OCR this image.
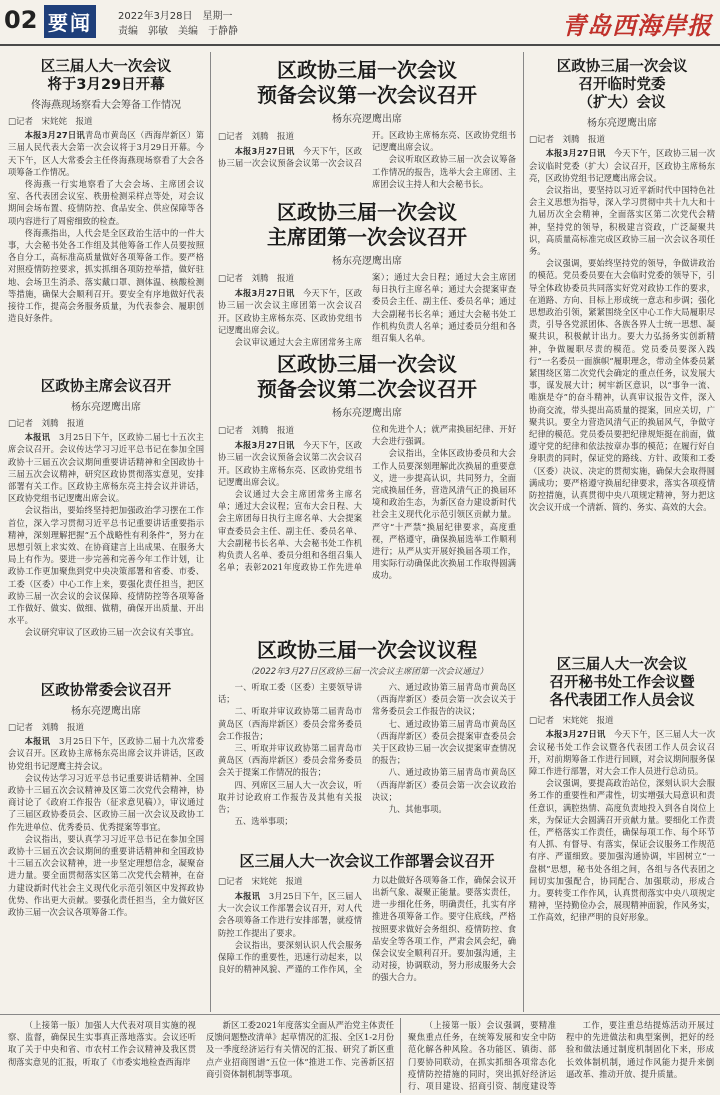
02 要闻	2022年3月28日　星期一
责编　郭敏　美编　于静静	青岛西海岸报

区三届人大一次会议

将于3月29日开幕

佟海燕现场察看大会筹备工作情况

□记者　宋姹姹　报道

本报3月27日讯青岛市黄岛区（西海岸新区）第三届人民代表大会第一次会议将于3月29日开幕。今天下午，区人大常委会主任佟海燕现场察看了大会各项筹备工作情况。

佟海燕一行实地察看了大会会场、主席团会议室、各代表团会议室、秩册检测采样点等处，对会议期间会场布置、疫情防控、食品安全、供应保障等各项内容进行了周密细致的检查。

佟海燕指出，人代会是全区政治生活中的一件大事，大会秘书处各工作组及其他筹备工作人员要按照各自分工，高标准高质量做好各项筹备工作。要严格对照疫情防控要求，抓实抓细各项防控举措，做好驻地、会场卫生消杀、落实戴口罩、测体温、核酸检测等措施，确保大会顺利召开。要安全有序地做好代表接待工作，提高会务服务质量，为代表参会、履职创造良好条件。

区政协主席会议召开

杨东亮逻鹰出席

□记者　刘腾　报道

本报讯　 3月25日下午，区政协二届七十五次主席会议召开。会议传达学习习近平总书记在参加全国政协十三届五次会议期间重要讲话精神和全国政协十三届五次会议精神，研究区政协贯彻落实意见，安排部署有关工作。区政协主席杨东亮主持会议并讲话，区政协党组书记逻鹰出席会议。

会议指出，要始终坚持把加强政治学习摆在工作首位，深入学习贯彻习近平总书记重要讲话重要指示精神，深刻理解把握“五个战略性有利条件”，努力在思想引领上求实效、在协商建言上出成果、在服务大局上有作为。要进一步完善和完善今年工作计划，让政协工作更加聚焦到党中央决策部署和省委、市委、工委（区委）中心工作上来，要强化责任担当，把区政协三届一次会议的会议保障、疫情防控等各项筹备工作做好、做实、做细、做精，确保开出质量、开出水平。

会议研究审议了区政协三届一次会议有关事宜。

区政协常委会议召开

杨东亮逻鹰出席

□记者　刘腾　报道

本报讯　 3月25日下午，区政协二届十九次常委会议召开。区政协主席杨东亮出席会议并讲话，区政协党组书记逻鹰主持会议。

会议传达学习习近平总书记重要讲话精神、全国政协十三届五次会议精神及区第二次党代会精神，协商讨论了《政府工作报告（征求意见稿）》，审议通过了三届区政协委员会、区政协三届一次会议及政协工作先进单位、优秀委员、优秀提案等事宜。

会议指出，要认真学习习近平总书记在参加全国政协十三届五次会议期间的重要讲话精神和全国政协十三届五次会议精神，进一步坚定理想信念，凝聚奋进力量。要全面贯彻落实区第二次党代会精神，在奋力建设新时代社会主义现代化示范引领区中发挥政协优势、作出更大贡献。要强化责任担当，全力做好区政协三届一次会议各项筹备工作。

区政协三届一次会议

预备会议第一次会议召开

杨东亮逻鹰出席

□记者　刘腾　报道

本报3月27日讯　 今天下午，区政协三届一次会议预备会议第一次会议召开。区政协主席杨东亮、区政协党组书记逻鹰出席会议。

会议听取区政协三届一次会议筹备工作情况的报告，选举大会主席团、主席团会议主持人和大会秘书长。

区政协三届一次会议

主席团第一次会议召开

杨东亮逻鹰出席

□记者　刘腾　报道

本报3月27日讯　 今天下午，区政协三届一次会议主席团第一次会议召开。区政协主席杨东亮、区政协党组书记逻鹰出席会议。

会议审议通过大会主席团常务主席 案）；通过大会日程；通过大会主席团每日执行主席名单；通过大会提案审查委员会主任、副主任、委员名单；通过大会副秘书长名单；通过大会秘书处工作机构负责人名单；通过委员分组和各组召集人名单。

区政协三届一次会议

预备会议第二次会议召开

杨东亮逻鹰出席

□记者　刘腾　报道

本报3月27日讯　 今天下午，区政协三届一次会议预备会议第二次会议召开。区政协主席杨东亮、区政协党组书记逻鹰出席会议。

会议通过大会主席团常务主席名单；通过大会议程；宣布大会日程、大会主席团每日执行主席名单、大会提案审查委员会主任、副主任、委员名单、大会副秘书长名单、大会秘书处工作机构负责人名单、委员分组和各组召集人名单；表彰2021年度政协工作先进单位和先进个人；就严肃换届纪律、开好大会进行强调。

会议指出，全体区政协委员和大会工作人员要深刻理解此次换届的重要意义，进一步提高认识，共同努力，全面完成换届任务，营造风清气正的换届环境和政治生态，为新区奋力建设新时代社会主义现代化示范引领区贡献力量。严守“十严禁”换届纪律要求，高度重视，严格遵守，确保换届选举工作顺利进行；从严从实开展好换届各项工作，用实际行动确保此次换届工作取得圆满成功。

区政协三届一次会议议程

（2022年3月27日区政协三届一次会议主席团第一次会议通过）

一、听取工委（区委）主要领导讲话；

二、听取并审议政协第二届青岛市黄岛区（西海岸新区）委员会常务委员会工作报告；

三、听取并审议政协第二届青岛市黄岛区（西海岸新区）委员会常务委员会关于提案工作情况的报告；

四、列席区三届人大一次会议，听取并讨论政府工作报告及其他有关报告；

五、选举事项；

六、通过政协第三届青岛市黄岛区（西海岸新区）委员会第一次会议关于常务委员会工作报告的决议；

七、通过政协第三届青岛市黄岛区（西海岸新区）委员会提案审查委员会关于区政协三届一次会议提案审查情况的报告；

八、通过政协第三届青岛市黄岛区（西海岸新区）委员会第一次会议政治决议；

九、其他事项。

区三届人大一次会议工作部署会议召开

□记者　宋姹姹　报道

本报讯　 3月25日下午，区三届人大一次会议工作部署会议召开，对人代会各项筹备工作进行安排部署，就疫情防控工作提出了要求。

会议指出，要深刻认识人代会服务保障工作的重要性，迅速行动起来，以良好的精神风貌、严谨的工作作风，全力以赴做好各项筹备工作，确保会议开出新气象、凝聚正能量。要落实责任，进一步细化任务，明确责任，扎实有序推进各项筹备工作。要守住底线，严格按照要求做好会务组织、疫情防控、食品安全等各项工作，严肃会风会纪，确保会议安全顺利召开。要加强沟通，主动对接，协调联动，努力形成服务大会的强大合力。

区政协三届一次会议

召开临时党委

（扩大）会议

杨东亮逻鹰出席

□记者　刘腾　报道

本报3月27日讯　 今天下午，区政协三届一次会议临时党委（扩大）会议召开，区政协主席杨东亮，区政协党组书记逻鹰出席会议。

会议指出，要坚持以习近平新时代中国特色社会主义思想为指导，深入学习贯彻中共十九大和十九届历次全会精神，全面落实区第二次党代会精神，坚持党的领导，积极建言资政，广泛凝聚共识，高质量高标准完成区政协三届一次会议各项任务。

会议强调，要始终坚持党的领导，争做讲政治的模范。党员委员要在大会临时党委的领导下，引导全体政协委员共同落实好党对政协工作的要求，在道路、方向、目标上形成统一意志和步调；强化思想政治引领，紧紧围绕全区中心工作大局履职尽责，引导各党派团体、各族各界人士统一思想、凝聚共识，积极献计出力。要大力弘扬务实创新精神，争做履职尽责的模范。党员委员要深入践行“一名委员一面旗帜”履职理念，带动全体委员紧紧围绕区第二次党代会确定的重点任务，议发展大事，谋发展大计；树牢新区意识，以“事争一流、唯旗是夺”的奋斗精神，认真审议报告文件，深入协商交流，带头提出高质量的提案，回应关切，广聚共识。要全力营造风清气正的换届风气，争做守纪律的模范。党员委员要把纪律规矩挺在前面，做遵守党的纪律和依法按章办事的模范；在履行好自身职责的同时，保证党的路线、方针、政策和工委（区委）决议、决定的贯彻实施，确保大会取得圆满成功；要严格遵守换届纪律要求，落实各项疫情防控措施，认真贯彻中央八项规定精神，努力把这次会议开成一个清新、简约、务实、高效的大会。

区三届人大一次会议

召开秘书处工作会议暨

各代表团工作人员会议

□记者　宋姹姹　报道

本报3月27日讯　 今天下午，区三届人大一次会议秘书处工作会议暨各代表团工作人员会议召开，对前期筹备工作进行回顾，对会议期间服务保障工作进行部署，对大会工作人员进行总动员。

会议强调，要提高政治站位，深刻认识大会服务工作的重要性和严肃性，切实增强大局意识和责任意识，满腔热情、高度负责地投入到各自岗位上来，为保证大会圆满召开贡献力量。要细化工作责任，严格落实工作责任，确保每项工作、每个环节有人抓、有督导、有落实，保证会议服务工作规范有序、严谨细致。要加强沟通协调，牢固树立“一盘棋”思想，秘书处各组之间，各组与各代表团之间切实加强配合，协同配合、加强联动，形成合力。要转变工作作风，认真贯彻落实中央八项规定精神，坚持勤俭办会，展现精神面貌，作风务实，工作高效，纪律严明的良好形象。

（上接第一版）加强人大代表对项目实施的视察、监督，确保民生实事真正落地落实。会议还听取了关于中央和省、市农村工作会议精神及我区贯彻落实意见的汇报，听取了《市委实地检查西海岸

新区工委2021年度落实全面从严治党主体责任反馈问题整改清单》起草情况的汇报、全区1-2月份及一季度经济运行有关情况的汇报、研究了新区重点产业招商图谱“五位一体”推进工作、完善新区招商引资体制机制等事项。

（上接第一版）会议强调，要精准聚焦重点任务，在统筹发展和安全中防范化解各种风险。各功能区、镇街、部门要协同联动，在抓实抓细各项常态化疫情防控措施的同时，突出抓好经济运行、项目建设、招商引资、制度建设等

工作，要注重总结提炼活动开展过程中的先进做法和典型案例，把好的经验和做法通过制度机制固化下来，形成长效体制机制，通过作风能力提升来倒逼改革、推动开放、提升质量。
